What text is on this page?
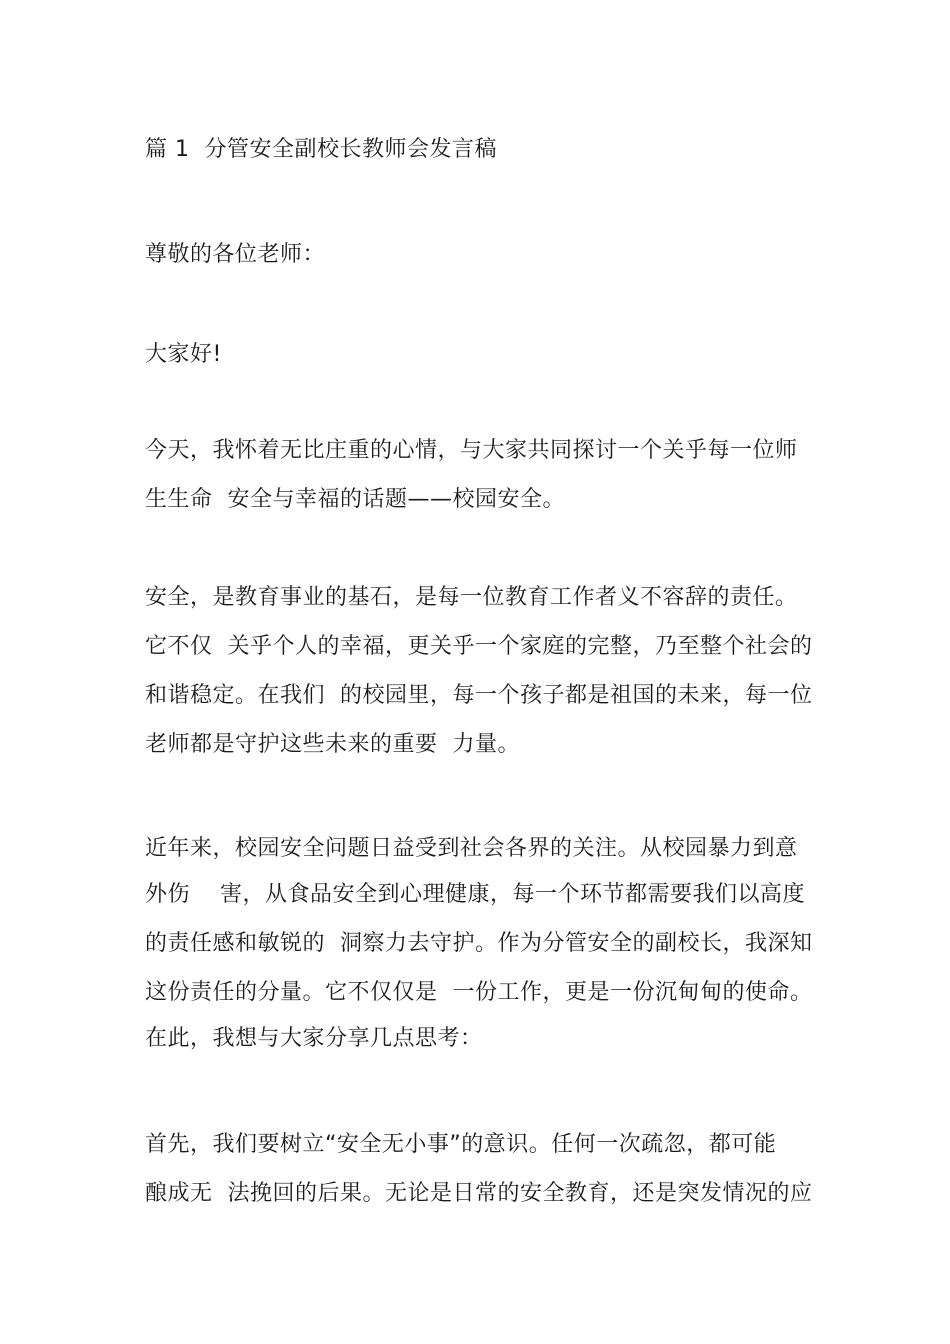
篇 1  分管安全副校长教师会发言稿
尊敬的各位老师：
大家好!
今天，我怀着无比庄重的心情，与大家共同探讨一个关乎每一位师
生生命  安全与幸福的话题——校园安全。
安全，是教育事业的基石，是每一位教育工作者义不容辞的责任。
它不仅  关乎个人的幸福，更关乎一个家庭的完整，乃至整个社会的
和谐稳定。在我们  的校园里，每一个孩子都是祖国的未来，每一位
老师都是守护这些未来的重要  力量。
近年来，校园安全问题日益受到社会各界的关注。从校园暴力到意
外伤    害，从食品安全到心理健康，每一个环节都需要我们以高度
的责任感和敏锐的  洞察力去守护。作为分管安全的副校长，我深知
这份责任的分量。它不仅仅是  一份工作，更是一份沉甸甸的使命。
在此，我想与大家分享几点思考：
首先，我们要树立“安全无小事”的意识。任何一次疏忽，都可能
酿成无  法挽回的后果。无论是日常的安全教育，还是突发情况的应
